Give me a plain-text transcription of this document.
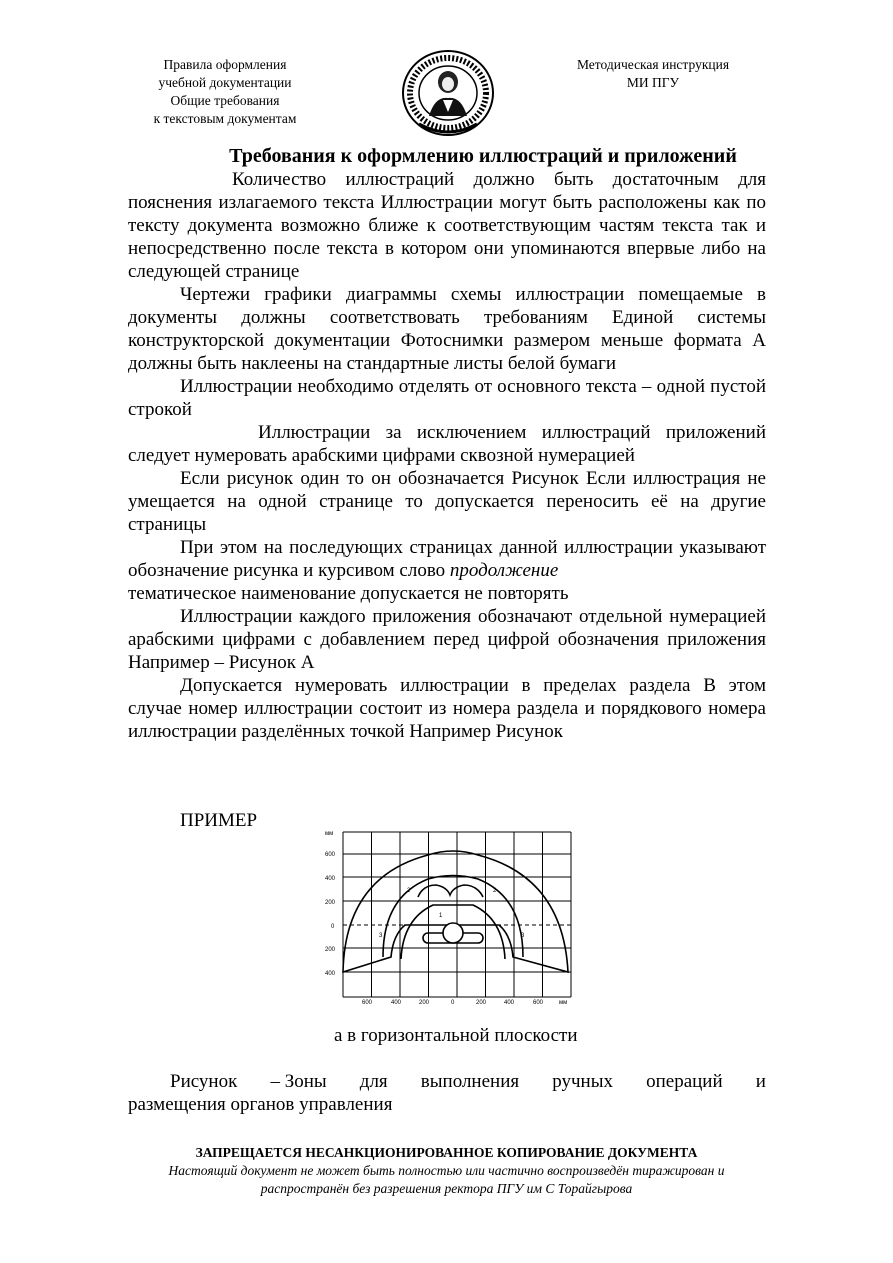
Правила оформления
учебной документации
Общие требования
к текстовым документам
Методическая инструкция
МИ ПГУ
Требования к оформлению иллюстраций и приложений

Количество иллюстраций должно быть достаточным для пояснения излагаемого текста Иллюстрации могут быть расположены как по тексту документа возможно ближе к соответствующим частям текста так и непосредственно после текста в котором они упоминаются впервые либо на следующей странице

Чертежи графики диаграммы схемы иллюстрации помещаемые в документы должны соответствовать требованиям Единой системы конструкторской документации Фотоснимки размером меньше формата А должны быть наклеены на стандартные листы белой бумаги

Иллюстрации необходимо отделять от основного текста – одной пустой строкой

Иллюстрации за исключением иллюстраций приложений следует нумеровать арабскими цифрами сквозной нумерацией

Если рисунок один то он обозначается Рисунок Если иллюстрация не умещается на одной странице то допускается переносить её на другие страницы

При этом на последующих страницах данной иллюстрации указывают обозначение рисунка и курсивом слово продолжение
тематическое наименование допускается не повторять

Иллюстрации каждого приложения обозначают отдельной нумерацией арабскими цифрами с добавлением перед цифрой обозначения приложения Например – Рисунок А

Допускается нумеровать иллюстрации в пределах раздела В этом случае номер иллюстрации состоит из номера раздела и порядкового номера иллюстрации разделённых точкой Например Рисунок

ПРИМЕР
мм
600
400
200
0
200
400
600	400	200	0	200	400	600	мм
1
2	2
3	3
а в горизонтальной плоскости
Рисунок – Зоны для выполнения ручных операций и
размещения органов управления
ЗАПРЕЩАЕТСЯ НЕСАНКЦИОНИРОВАННОЕ КОПИРОВАНИЕ ДОКУМЕНТА
Настоящий документ не может быть полностью или частично воспроизведён тиражирован и
распространён без разрешения ректора ПГУ им С Торайгырова
